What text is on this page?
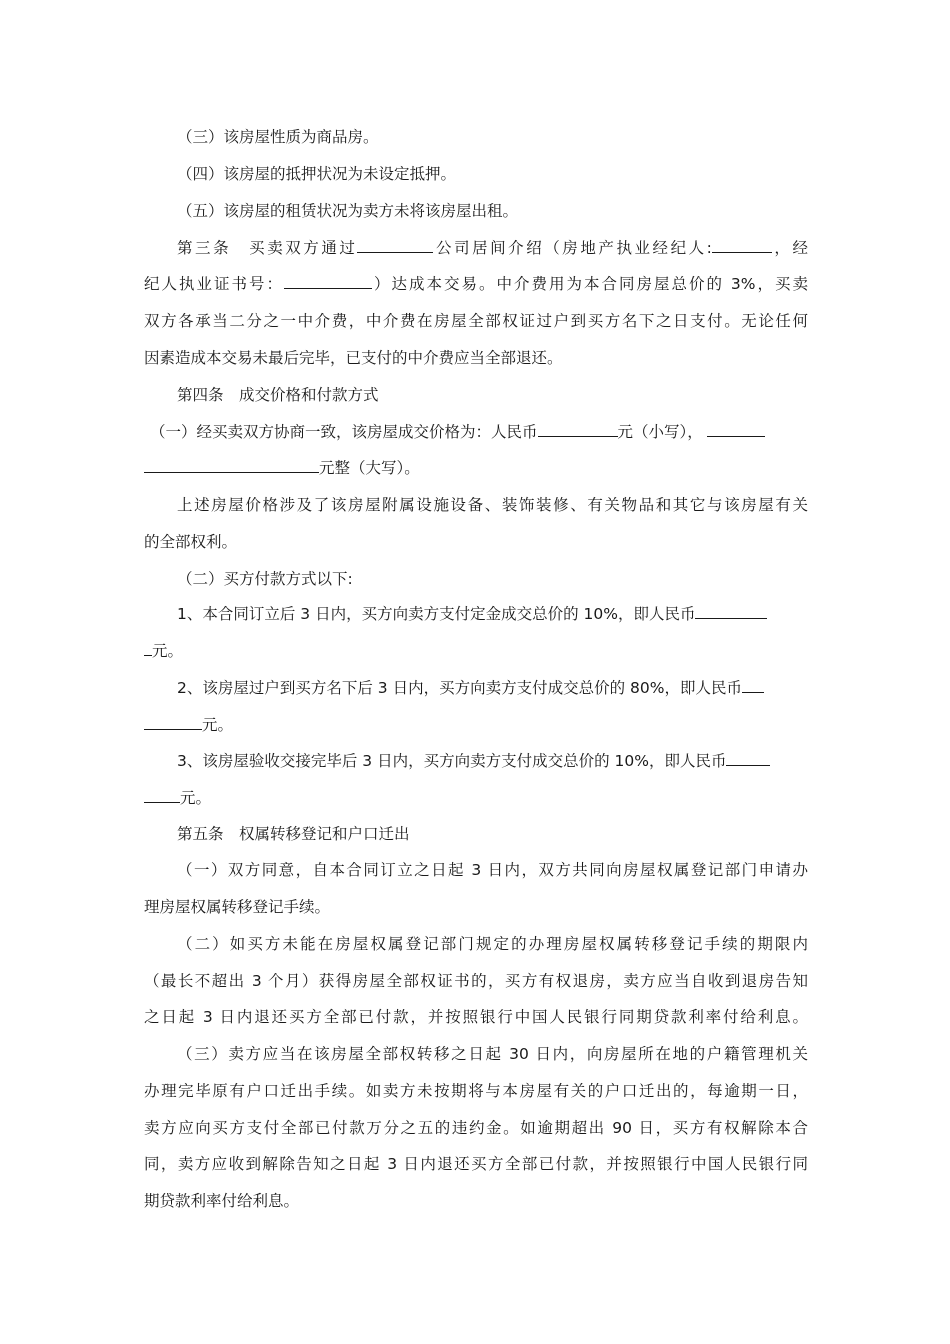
（三）该房屋性质为商品房。

（四）该房屋的抵押状况为未设定抵押。

（五）该房屋的租赁状况为卖方未将该房屋出租。

第三条　买卖双方通过	公司居间介绍（房地产执业经纪人:	，经

纪人执业证书号：	）达成本交易。中介费用为本合同房屋总价的 3%，买卖

双方各承当二分之一中介费，中介费在房屋全部权证过户到买方名下之日支付。无论任何

因素造成本交易未最后完毕，已支付的中介费应当全部退还。

第四条　成交价格和付款方式

（一）经买卖双方协商一致，该房屋成交价格为：人民币	元（小写），

元整（大写）。

上述房屋价格涉及了该房屋附属设施设备、装饰装修、有关物品和其它与该房屋有关

的全部权利。

（二）买方付款方式以下:

1、本合同订立后 3 日内，买方向卖方支付定金成交总价的 10%，即人民币

元。

2、该房屋过户到买方名下后 3 日内，买方向卖方支付成交总价的 80%，即人民币

元。

3、该房屋验收交接完毕后 3 日内，买方向卖方支付成交总价的 10%，即人民币

元。

第五条　权属转移登记和户口迁出

（一）双方同意，自本合同订立之日起 3 日内，双方共同向房屋权属登记部门申请办

理房屋权属转移登记手续。

（二）如买方未能在房屋权属登记部门规定的办理房屋权属转移登记手续的期限内

（最长不超出 3 个月）获得房屋全部权证书的，买方有权退房，卖方应当自收到退房告知

之日起 3 日内退还买方全部已付款，并按照银行中国人民银行同期贷款利率付给利息。

（三）卖方应当在该房屋全部权转移之日起 30 日内，向房屋所在地的户籍管理机关

办理完毕原有户口迁出手续。如卖方未按期将与本房屋有关的户口迁出的，每逾期一日，

卖方应向买方支付全部已付款万分之五的违约金。如逾期超出 90 日，买方有权解除本合

同，卖方应收到解除告知之日起 3 日内退还买方全部已付款，并按照银行中国人民银行同

期贷款利率付给利息。
